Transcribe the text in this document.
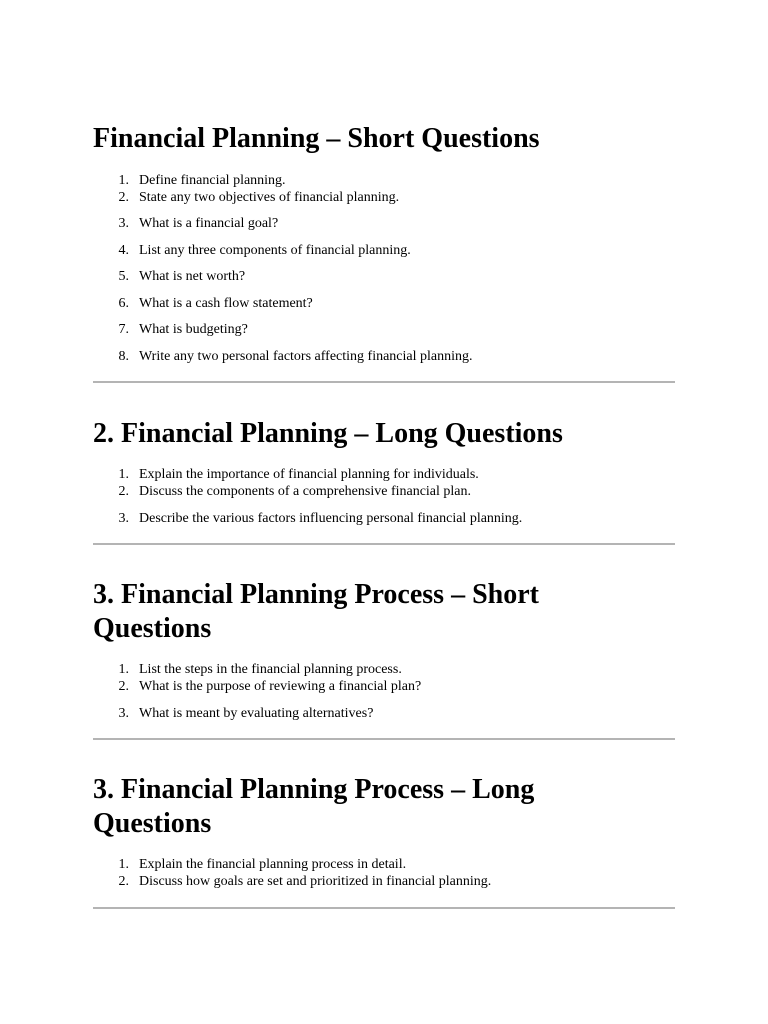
Financial Planning – Short Questions
1. Define financial planning.
2. State any two objectives of financial planning.
3. What is a financial goal?
4. List any three components of financial planning.
5. What is net worth?
6. What is a cash flow statement?
7. What is budgeting?
8. Write any two personal factors affecting financial planning.
2. Financial Planning – Long Questions
1. Explain the importance of financial planning for individuals.
2. Discuss the components of a comprehensive financial plan.
3. Describe the various factors influencing personal financial planning.
3. Financial Planning Process – Short
Questions
1. List the steps in the financial planning process.
2. What is the purpose of reviewing a financial plan?
3. What is meant by evaluating alternatives?
3. Financial Planning Process – Long
Questions
1. Explain the financial planning process in detail.
2. Discuss how goals are set and prioritized in financial planning.
